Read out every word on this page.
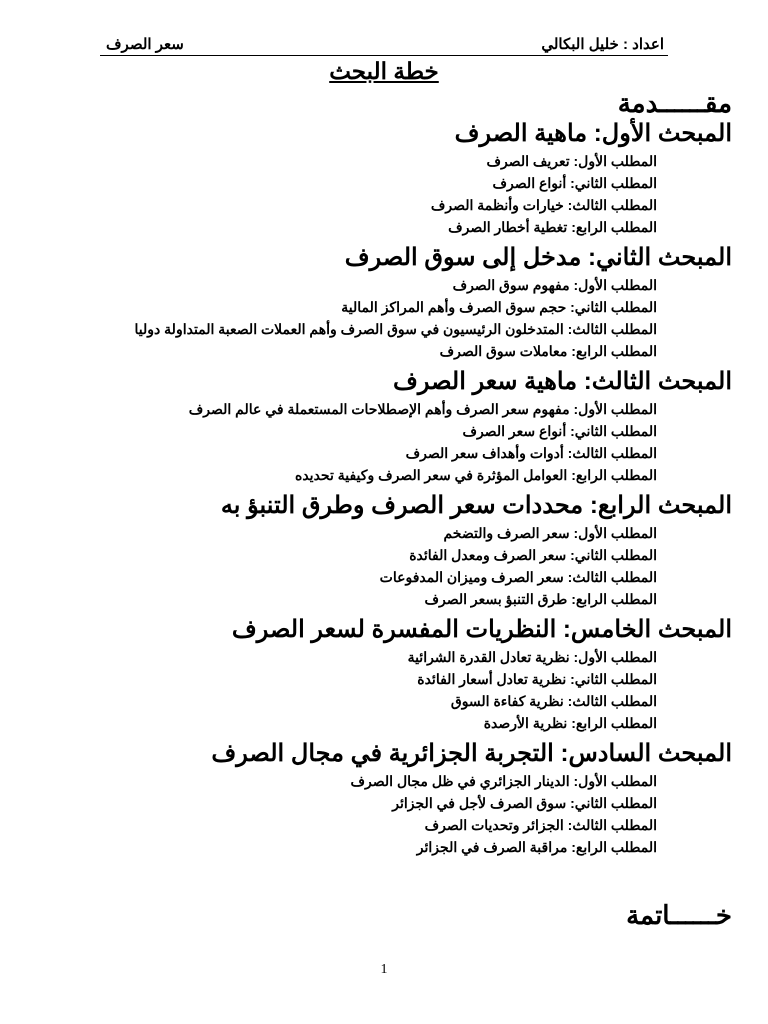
اعداد : خليل البكالي
سعر الصرف
خطة البحث
مقــــــدمة
المبحث الأول: ماهية الصرف
المطلب الأول: تعريف الصرف
المطلب الثاني: أنواع الصرف
المطلب الثالث: خيارات وأنظمة الصرف
المطلب الرابع: تغطية أخطار الصرف
المبحث الثاني: مدخل إلى سوق الصرف
المطلب الأول: مفهوم سوق الصرف
المطلب الثاني: حجم سوق الصرف وأهم المراكز المالية
المطلب الثالث: المتدخلون الرئيسيون في سوق الصرف وأهم العملات الصعبة المتداولة دوليا
المطلب الرابع: معاملات سوق الصرف
المبحث الثالث: ماهية سعر الصرف
المطلب الأول: مفهوم سعر الصرف وأهم الإصطلاحات المستعملة في عالم الصرف
المطلب الثاني: أنواع سعر الصرف
المطلب الثالث: أدوات وأهداف سعر الصرف
المطلب الرابع: العوامل المؤثرة في سعر الصرف وكيفية تحديده
المبحث الرابع: محددات سعر الصرف وطرق التنبؤ به
المطلب الأول: سعر الصرف والتضخم
المطلب الثاني: سعر الصرف ومعدل الفائدة
المطلب الثالث: سعر الصرف وميزان المدفوعات
المطلب الرابع: طرق التنبؤ بسعر الصرف
المبحث الخامس: النظريات المفسرة لسعر الصرف
المطلب الأول: نظرية تعادل القدرة الشرائية
المطلب الثاني: نظرية تعادل أسعار الفائدة
المطلب الثالث: نظرية كفاءة السوق
المطلب الرابع: نظرية الأرصدة
المبحث السادس: التجربة الجزائرية في مجال الصرف
المطلب الأول: الدينار الجزائري في ظل مجال الصرف
المطلب الثاني: سوق الصرف لأجل في الجزائر
المطلب الثالث: الجزائر وتحديات الصرف
المطلب الرابع: مراقبة الصرف في الجزائر
خــــــاتمة
1
